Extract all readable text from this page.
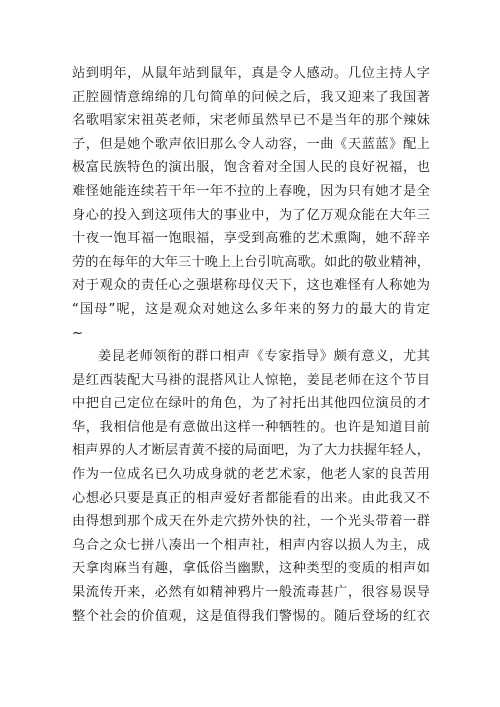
站到明年，从鼠年站到鼠年，真是令人感动。几位主持人字
正腔圆情意绵绵的几句简单的问候之后，我又迎来了我国著
名歌唱家宋祖英老师，宋老师虽然早已不是当年的那个辣妹
子，但是她个歌声依旧那么令人动容，一曲《天蓝蓝》配上
极富民族特色的演出服，饱含着对全国人民的良好祝福，也
难怪她能连续若干年一年不拉的上春晚，因为只有她才是全
身心的投入到这项伟大的事业中，为了亿万观众能在大年三
十夜一饱耳福一饱眼福，享受到高雅的艺术熏陶，她不辞辛
劳的在每年的大年三十晚上上台引吭高歌。如此的敬业精神，
对于观众的责任心之强堪称母仪天下，这也难怪有人称她为
“国母”呢，这是观众对她这么多年来的努力的最大的肯定
~
姜昆老师领衔的群口相声《专家指导》颇有意义，尤其
是红西装配大马褂的混搭风让人惊艳，姜昆老师在这个节目
中把自己定位在绿叶的角色，为了衬托出其他四位演员的才
华，我相信他是有意做出这样一种牺牲的。也许是知道目前
相声界的人才断层青黄不接的局面吧，为了大力扶握年轻人，
作为一位成名已久功成身就的老艺术家，他老人家的良苦用
心想必只要是真正的相声爱好者都能看的出来。由此我又不
由得想到那个成天在外走穴捞外快的社，一个光头带着一群
乌合之众七拼八凑出一个相声社，相声内容以损人为主，成
天拿肉麻当有趣，拿低俗当幽默，这种类型的变质的相声如
果流传开来，必然有如精神鸦片一般流毒甚广，很容易误导
整个社会的价值观，这是值得我们警惕的。随后登场的红衣
